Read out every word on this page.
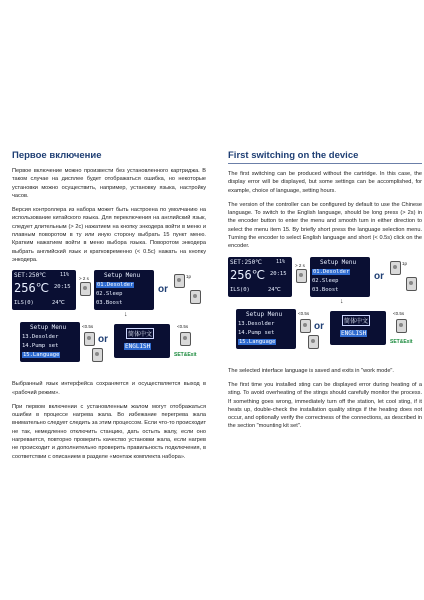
Первое включение

Первое включение можно произвести без установленного картриджа. В таком случае на дисплее будет отображаться ошибка, но некоторые установки можно осуществить, например, установку языка, настройку часов.

Версия контроллера из набора может быть настроена по умолчанию на использование китайского языка. Для переключения на английский язык, следует длительным (> 2с) нажатием на кнопку энкодера войти в меню и плавным поворотом в ту или иную сторону выбрать 15 пункт меню. Кратким нажатием войти в меню выбора языка. Поворотом энкодера выбрать английский язык и кратковременно (< 0.5с) нажать на кнопку энкодера.

SET:250℃	11%
256℃ 20:15
ILS(0)	24℃
> 2 s	Setup Menu
01.Desolder
02.Sleep
03.Boost
or
1p
↓
Setup Menu
13.Desolder
14.Pump set
15.Language
<0.5s
or	简体中文
ENGLISH
<0.5s
SET&Exit

Выбранный язык интерфейса сохраняется и осуществляется выход в «рабочий режим».

При первом включении с установленным жалом могут отображаться ошибки в процессе нагрева жала. Во избежание перегрева жала внимательно следует следить за этим процессом. Если что-то происходит не так, немедленно отключить станцию, дать остыть жалу, если оно нагревается, повторно проверить качество установки жала, если нагрев не происходит и дополнительно проверить правильность подключения, в соответствии с описанием в разделе «монтаж комплекта набора».

First switching on the device

The first switching can be produced without the cartridge. In this case, the display error will be displayed, but some settings can be accomplished, for example, choice of language, setting hours.

The version of the controller can be configured by default to use the Chinese language. To switch to the English language, should be long press (> 2s) in the encoder button to enter the menu and smooth turn in either direction to select the menu item 15. By briefly short press the language selection menu. Turning the encoder to select English language and short (< 0.5s) click on the encoder.

SET:250℃	11%
256℃ 20:15
ILS(0)	24℃
> 2 s	Setup Menu
01.Desolder
02.Sleep
03.Boost
or
1p
↓
Setup Menu
13.Desolder
14.Pump set
15.Language
<0.5s
or	简体中文
ENGLISH
<0.5s
SET&Exit

The selected interface language is saved and exits in "work mode".

The first time you installed sting can be displayed error during heating of a sting. To avoid overheating of the stings should carefully monitor the process. If something goes wrong, immediately turn off the station, let cool sting, if it heats up, double-check the installation quality stings if the heating does not occur, and optionally verify the correctness of the connections, as described in the section "mounting kit set".
